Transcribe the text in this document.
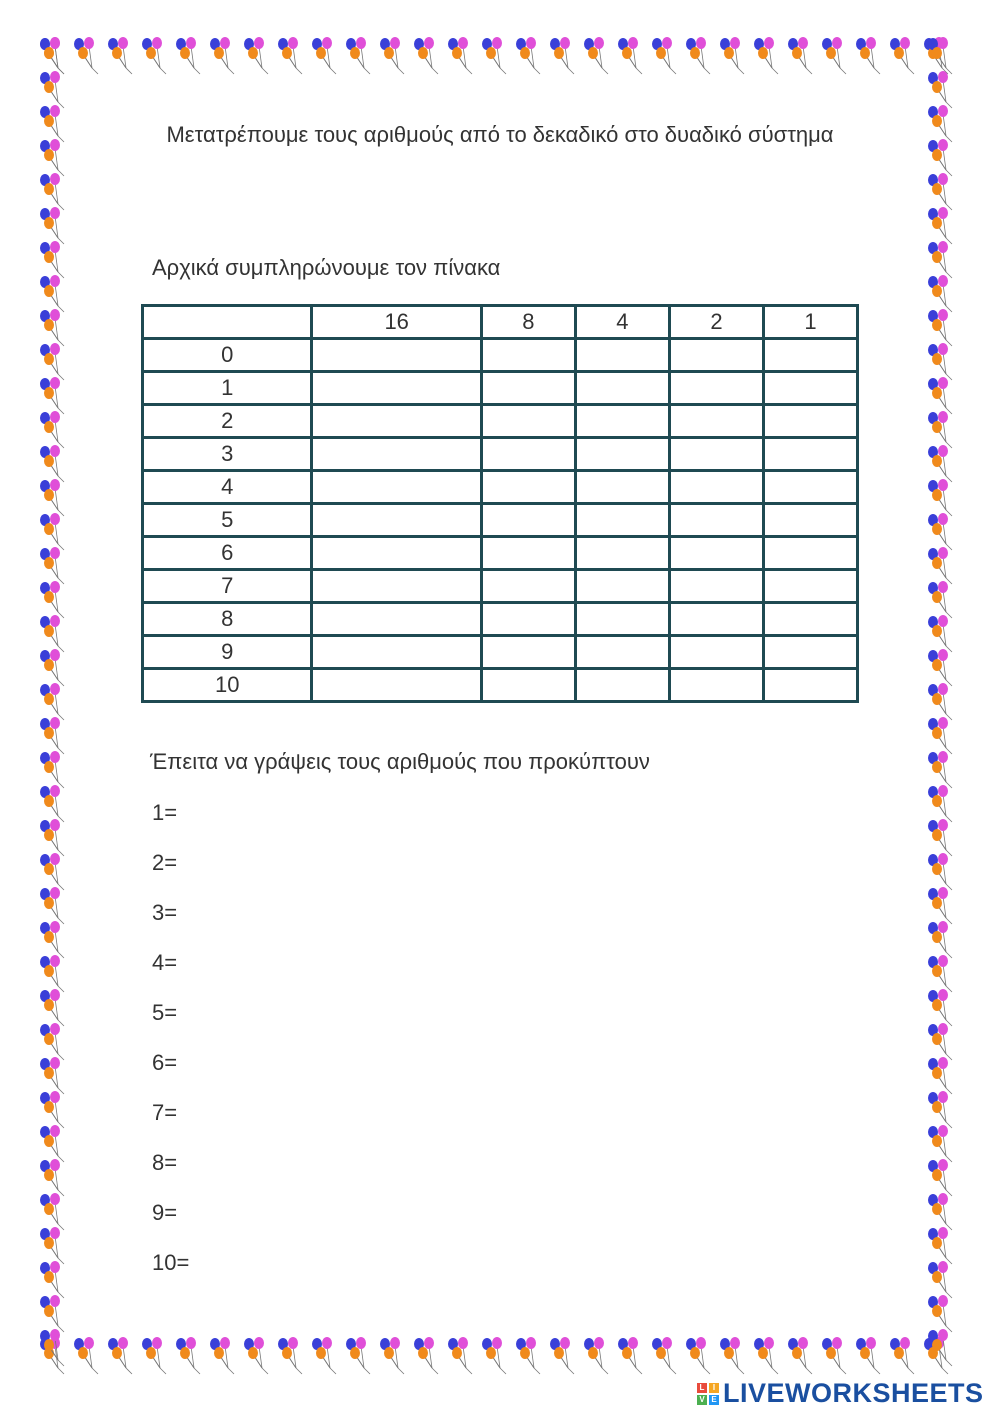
Μετατρέπουμε τους αριθμούς από το δεκαδικό στο δυαδικό σύστημα
Αρχικά συμπληρώνουμε τον πίνακα
	16	8	4	2	1
0					
1					
2					
3					
4					
5					
6					
7					
8					
9					
10					
Έπειτα να γράψεις τους αριθμούς που προκύπτουν
1=
2=
3=
4=
5=
6=
7=
8=
9=
10=
L	I
V E LIVEWORKSHEETS
